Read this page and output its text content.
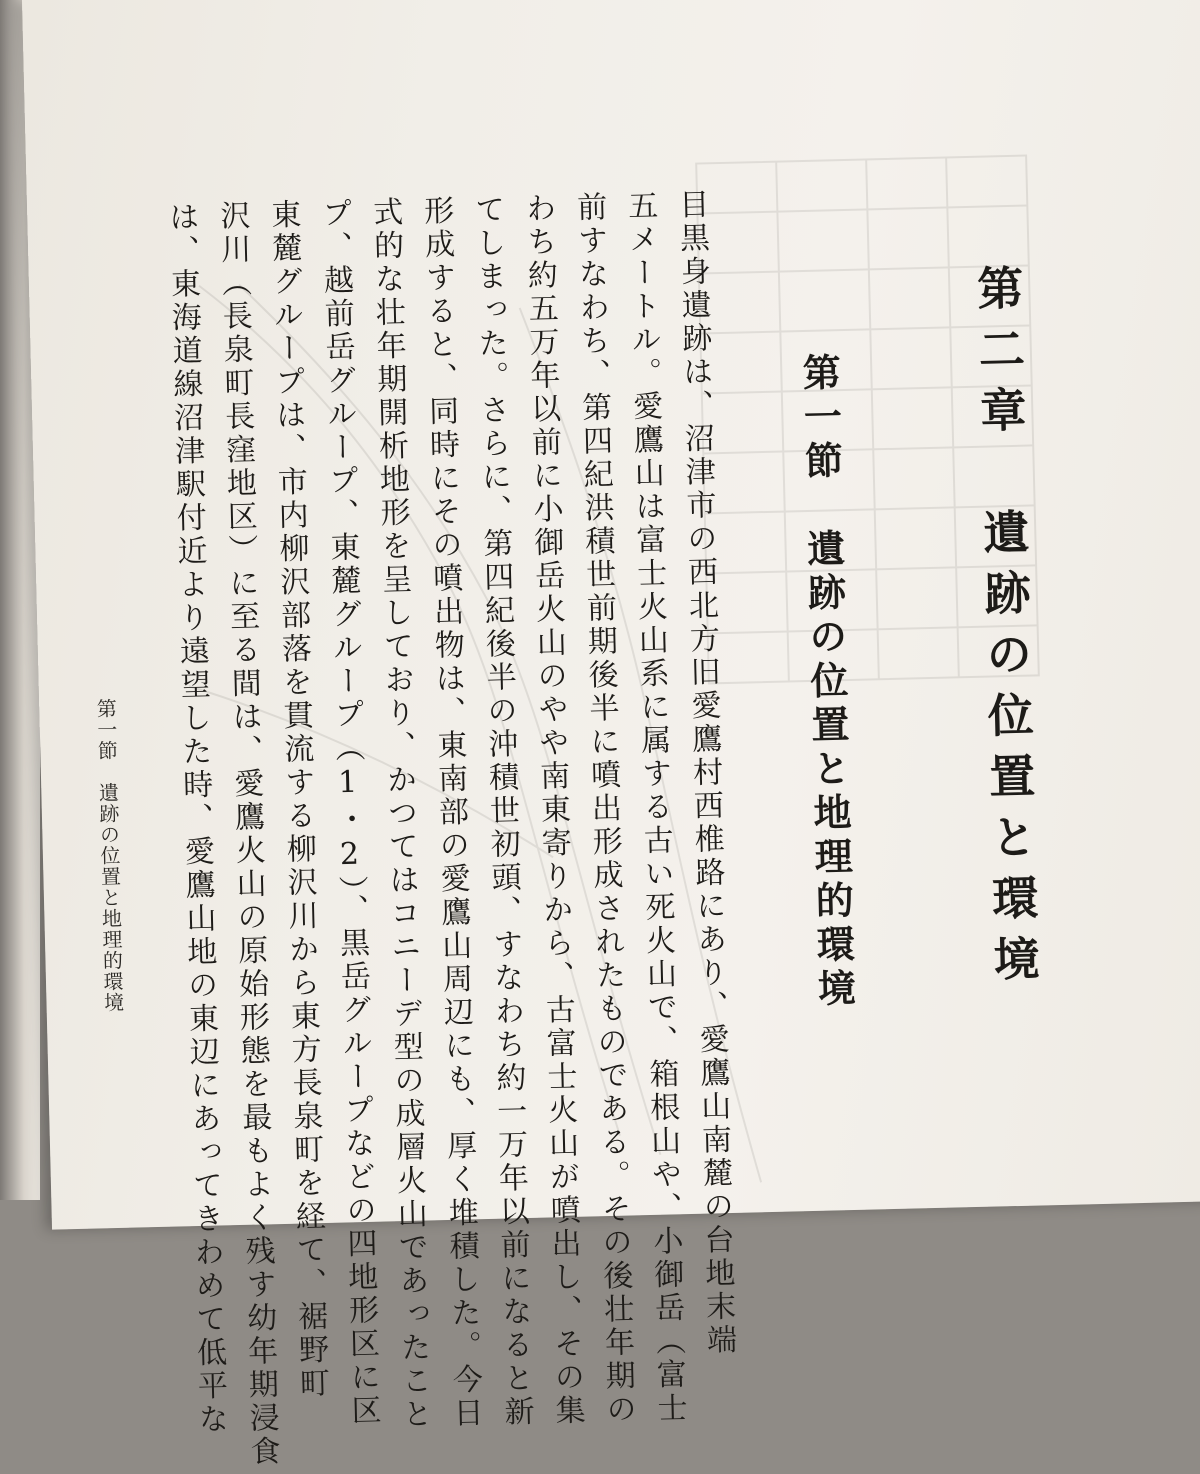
第二章　遺跡の位置と環境
第一節　遺跡の位置と地理的環境
目黒身遺跡は、沼津市の西北方旧愛鷹村西椎路にあり、愛鷹山南麓の台地末端
五メートル。愛鷹山は富士火山系に属する古い死火山で、箱根山や、小御岳（富士
前すなわち、第四紀洪積世前期後半に噴出形成されたものである。その後壮年期の
わち約五万年以前に小御岳火山のやや南東寄りから、古富士火山が噴出し、その集
てしまった。さらに、第四紀後半の沖積世初頭、すなわち約一万年以前になると新
形成すると、同時にその噴出物は、東南部の愛鷹山周辺にも、厚く堆積した。今日
式的な壮年期開析地形を呈しており、かつてはコニーデ型の成層火山であったこと
プ、越前岳グループ、東麓グループ（1・2）、黒岳グループなどの四地形区に区
東麓グループは、市内柳沢部落を貫流する柳沢川から東方長泉町を経て、裾野町
沢川（長泉町長窪地区）に至る間は、愛鷹火山の原始形態を最もよく残す幼年期浸食
は、東海道線沼津駅付近より遠望した時、愛鷹山地の東辺にあってきわめて低平な
第一節　遺跡の位置と地理的環境
